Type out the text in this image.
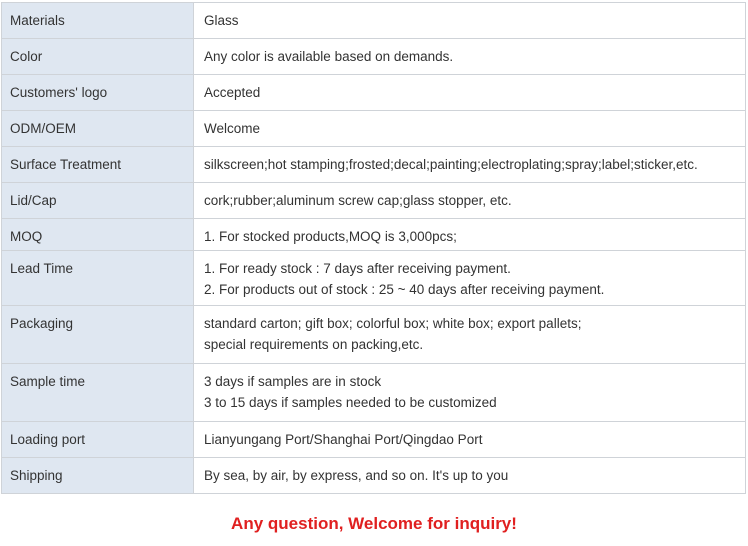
Materials	Glass

Color	Any color is available based on demands.

Customers' logo	Accepted

ODM/OEM	Welcome

Surface Treatment	silkscreen;hot stamping;frosted;decal;painting;electroplating;spray;label;sticker,etc.

Lid/Cap	cork;rubber;aluminum screw cap;glass stopper, etc.

MOQ	1. For stocked products,MOQ is 3,000pcs;

Lead Time	1. For ready stock : 7 days after receiving payment.
2. For products out of stock : 25 ~ 40 days after receiving payment.

Packaging	standard carton; gift box; colorful box; white box; export pallets;
special requirements on packing,etc.

Sample time	3 days if samples are in stock
3 to 15 days if samples needed to be customized

Loading port	Lianyungang Port/Shanghai Port/Qingdao Port

Shipping	By sea, by air, by express, and so on. It's up to you
Any question, Welcome for inquiry!
